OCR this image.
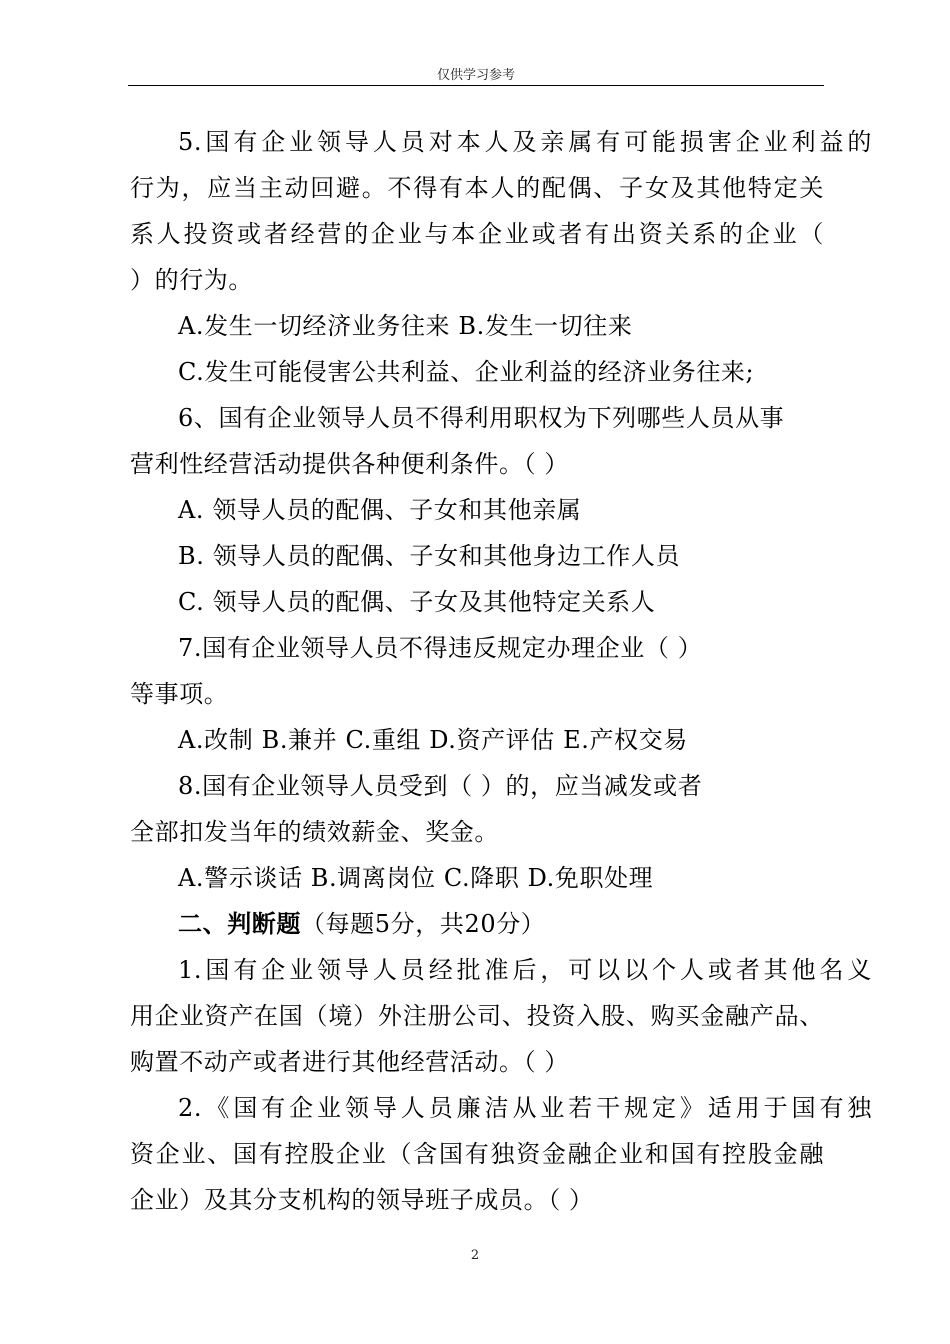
仅供学习参考
5.国有企业领导人员对本人及亲属有可能损害企业利益的
行为，应当主动回避。不得有本人的配偶、子女及其他特定关
系人投资或者经营的企业与本企业或者有出资关系的企业（
）的行为。
A.发生一切经济业务往来 B.发生一切往来
C.发生可能侵害公共利益、企业利益的经济业务往来;
6、国有企业领导人员不得利用职权为下列哪些人员从事
营利性经营活动提供各种便利条件。（ ）
A. 领导人员的配偶、子女和其他亲属
B. 领导人员的配偶、子女和其他身边工作人员
C. 领导人员的配偶、子女及其他特定关系人
7.国有企业领导人员不得违反规定办理企业（ ）
等事项。
A.改制 B.兼并 C.重组 D.资产评估 E.产权交易
8.国有企业领导人员受到（ ）的，应当减发或者
全部扣发当年的绩效薪金、奖金。
A.警示谈话 B.调离岗位 C.降职 D.免职处理
二、判断题（每题5分，共20分）
1.国有企业领导人员经批准后，可以以个人或者其他名义
用企业资产在国（境）外注册公司、投资入股、购买金融产品、
购置不动产或者进行其他经营活动。（ ）
2.《国有企业领导人员廉洁从业若干规定》适用于国有独
资企业、国有控股企业（含国有独资金融企业和国有控股金融
企业）及其分支机构的领导班子成员。（ ）
2
